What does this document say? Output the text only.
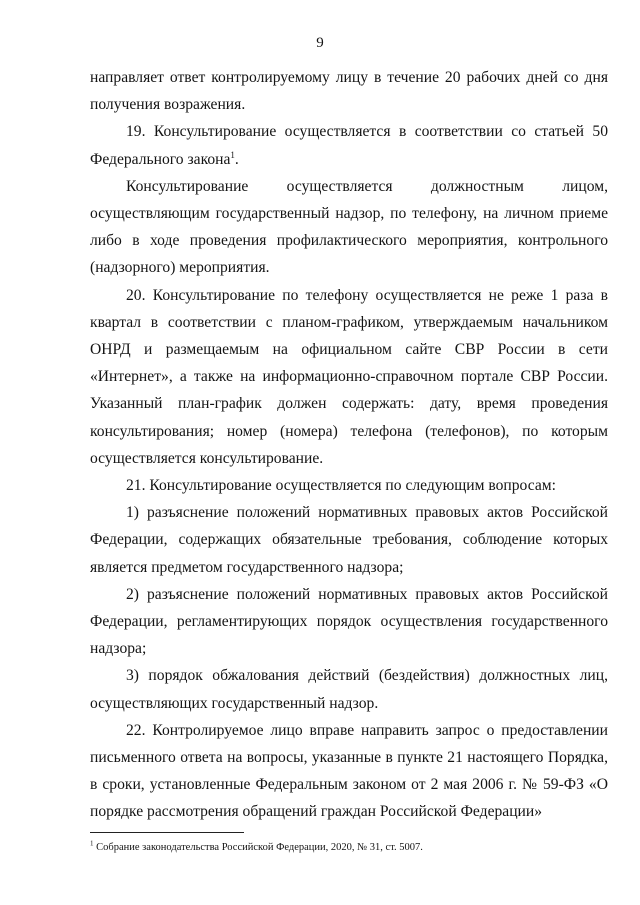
9

направляет ответ контролируемому лицу в течение 20 рабочих дней со дня получения возражения.

19. Консультирование осуществляется в соответствии со статьей 50 Федерального закона$^1$.

Консультирование осуществляется должностным лицом, осуществляющим государственный надзор, по телефону, на личном приеме либо в ходе проведения профилактического мероприятия, контрольного (надзорного) мероприятия.

20. Консультирование по телефону осуществляется не реже 1 раза в квартал в соответствии с планом-графиком, утверждаемым начальником ОНРД и размещаемым на официальном сайте СВР России в сети «Интернет», а также на информационно-справочном портале СВР России. Указанный план-график должен содержать: дату, время проведения консультирования; номер (номера) телефона (телефонов), по которым осуществляется консультирование.

21. Консультирование осуществляется по следующим вопросам:

1) разъяснение положений нормативных правовых актов Российской Федерации, содержащих обязательные требования, соблюдение которых является предметом государственного надзора;

2) разъяснение положений нормативных правовых актов Российской Федерации, регламентирующих порядок осуществления государственного надзора;

3) порядок обжалования действий (бездействия) должностных лиц, осуществляющих государственный надзор.

22. Контролируемое лицо вправе направить запрос о предоставлении письменного ответа на вопросы, указанные в пункте 21 настоящего Порядка, в сроки, установленные Федеральным законом от 2 мая 2006 г. № 59-ФЗ «О порядке рассмотрения обращений граждан Российской Федерации»

$^1$ Собрание законодательства Российской Федерации, 2020, № 31, ст. 5007.
